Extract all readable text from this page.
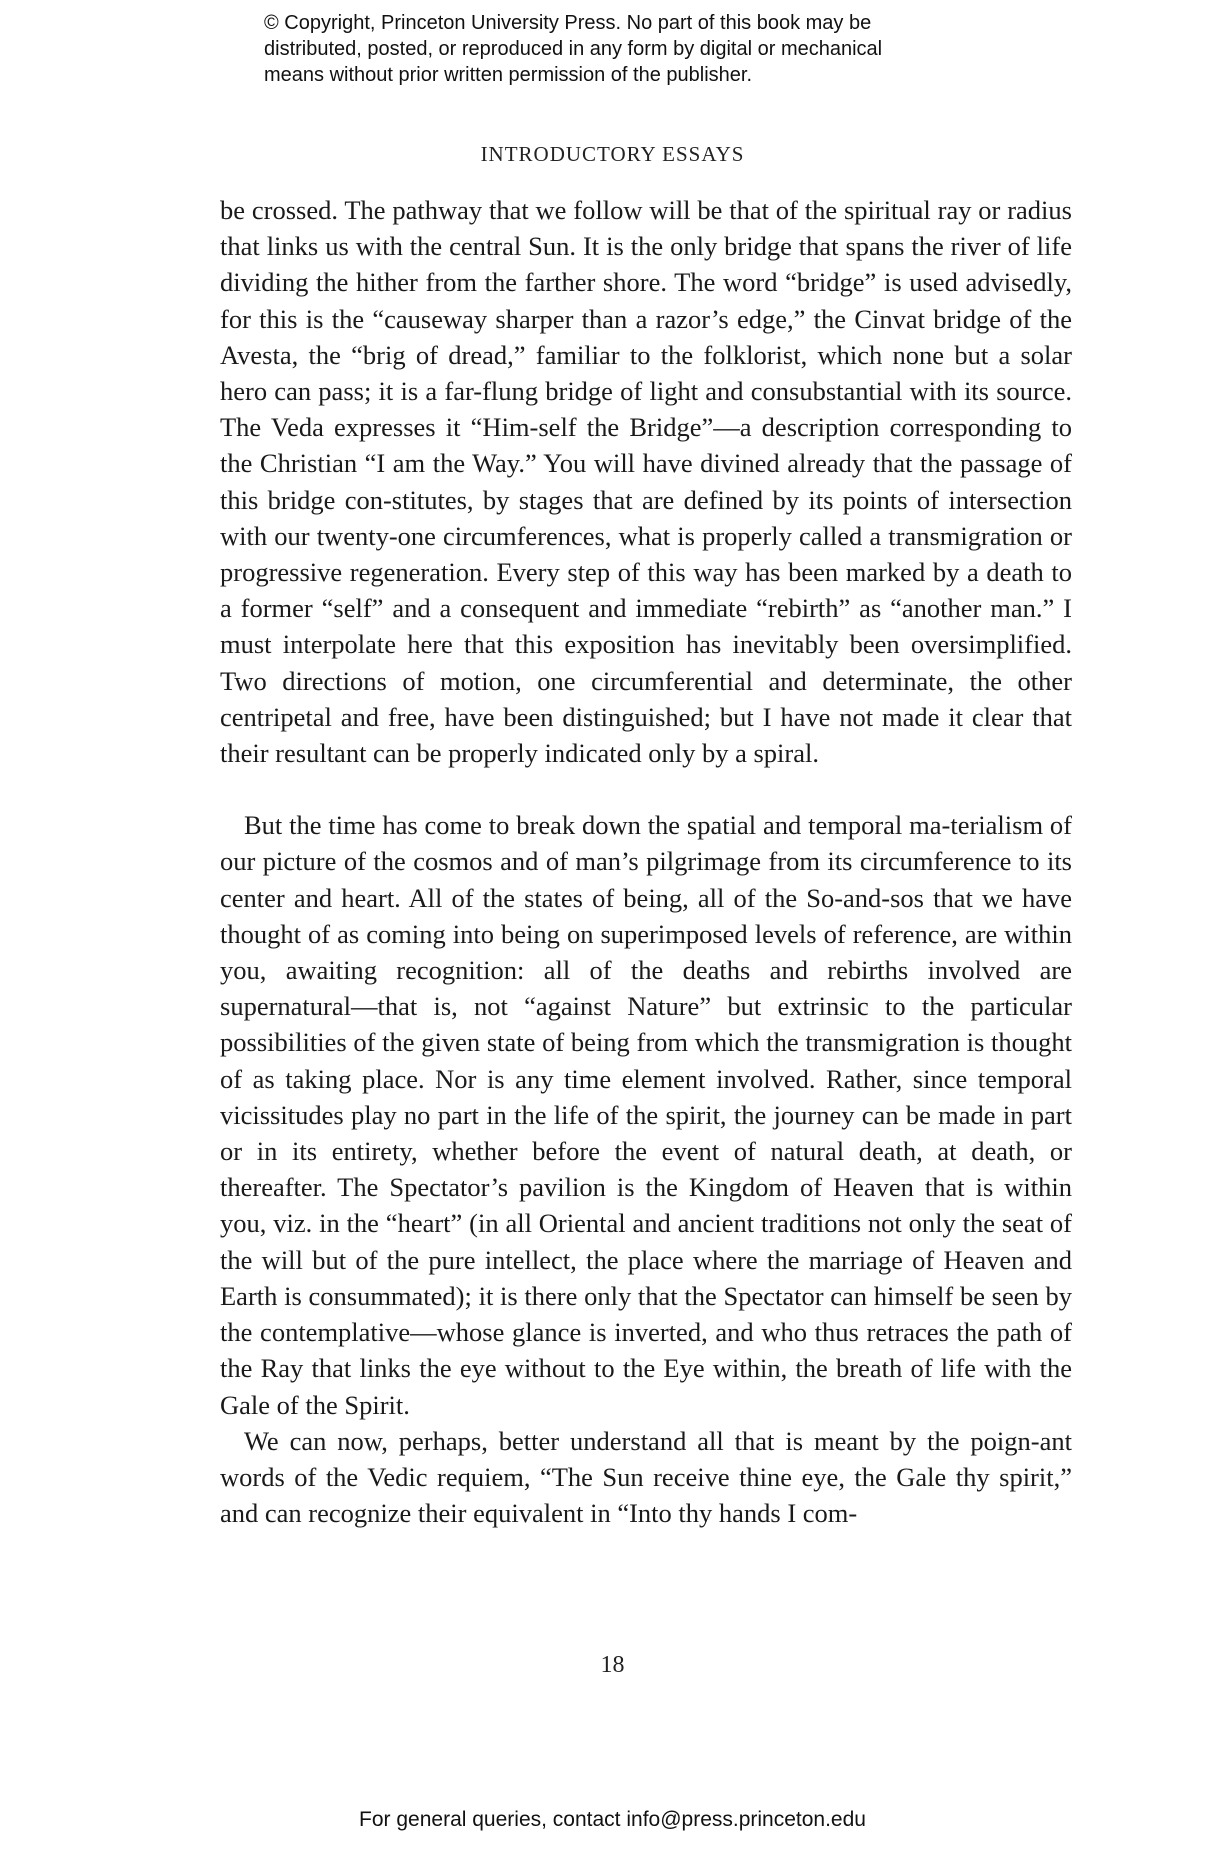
© Copyright, Princeton University Press. No part of this book may be
distributed, posted, or reproduced in any form by digital or mechanical
means without prior written permission of the publisher.
INTRODUCTORY ESSAYS

be crossed. The pathway that we follow will be that of the spiritual ray or radius that links us with the central Sun. It is the only bridge that spans the river of life dividing the hither from the farther shore. The word “bridge” is used advisedly, for this is the “causeway sharper than a razor’s edge,” the Cinvat bridge of the Avesta, the “brig of dread,” familiar to the folklorist, which none but a solar hero can pass; it is a far-flung bridge of light and consubstantial with its source. The Veda expresses it “Him-self the Bridge”—a description corresponding to the Christian “I am the Way.” You will have divined already that the passage of this bridge con-stitutes, by stages that are defined by its points of intersection with our twenty-one circumferences, what is properly called a transmigration or progressive regeneration. Every step of this way has been marked by a death to a former “self” and a consequent and immediate “rebirth” as “another man.” I must interpolate here that this exposition has inevitably been oversimplified. Two directions of motion, one circumferential and determinate, the other centripetal and free, have been distinguished; but I have not made it clear that their resultant can be properly indicated only by a spiral.

But the time has come to break down the spatial and temporal ma-terialism of our picture of the cosmos and of man’s pilgrimage from its circumference to its center and heart. All of the states of being, all of the So-and-sos that we have thought of as coming into being on superimposed levels of reference, are within you, awaiting recognition: all of the deaths and rebirths involved are supernatural—that is, not “against Nature” but extrinsic to the particular possibilities of the given state of being from which the transmigration is thought of as taking place. Nor is any time element involved. Rather, since temporal vicissitudes play no part in the life of the spirit, the journey can be made in part or in its entirety, whether before the event of natural death, at death, or thereafter. The Spectator’s pavilion is the Kingdom of Heaven that is within you, viz. in the “heart” (in all Oriental and ancient traditions not only the seat of the will but of the pure intellect, the place where the marriage of Heaven and Earth is consummated); it is there only that the Spectator can himself be seen by the contemplative—whose glance is inverted, and who thus retraces the path of the Ray that links the eye without to the Eye within, the breath of life with the Gale of the Spirit.

We can now, perhaps, better understand all that is meant by the poign-ant words of the Vedic requiem, “The Sun receive thine eye, the Gale thy spirit,” and can recognize their equivalent in “Into thy hands I com-

18
For general queries, contact info@press.princeton.edu
